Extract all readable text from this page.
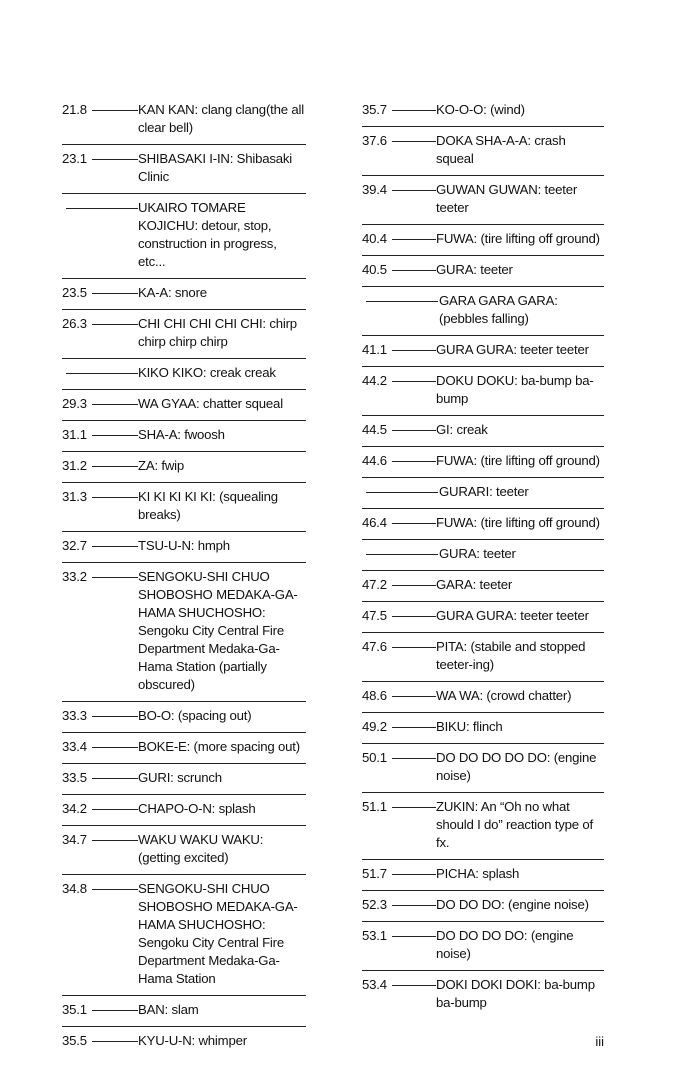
21.8	KAN KAN: clang clang(the all clear bell)
23.1	SHIBASAKI I-IN: Shibasaki Clinic
UKAIRO TOMARE KOJICHU: detour, stop, construction in progress, etc...
23.5	KA-A: snore
26.3	CHI CHI CHI CHI CHI: chirp chirp chirp chirp
KIKO KIKO: creak creak
29.3	WA GYAA: chatter squeal
31.1	SHA-A: fwoosh
31.2	ZA: fwip
31.3	KI KI KI KI KI: (squealing breaks)
32.7	TSU-U-N: hmph
33.2	SENGOKU-SHI CHUO SHOBOSHO MEDAKA-GA-HAMA SHUCHOSHO: Sengoku City Central Fire Department Medaka-Ga-Hama Station (partially obscured)
33.3	BO-O: (spacing out)
33.4	BOKE-E: (more spacing out)
33.5	GURI: scrunch
34.2	CHAPO-O-N: splash
34.7	WAKU WAKU WAKU: (getting excited)
34.8	SENGOKU-SHI CHUO SHOBOSHO MEDAKA-GA-HAMA SHUCHOSHO: Sengoku City Central Fire Department Medaka-Ga-Hama Station
35.1	BAN: slam
35.5	KYU-U-N: whimper
35.7	KO-O-O: (wind)
37.6	DOKA SHA-A-A: crash squeal
39.4	GUWAN GUWAN: teeter teeter
40.4	FUWA: (tire lifting off ground)
40.5	GURA: teeter
GARA GARA GARA: (pebbles falling)
41.1	GURA GURA: teeter teeter
44.2	DOKU DOKU: ba-bump ba-bump
44.5	GI: creak
44.6	FUWA: (tire lifting off ground)
GURARI: teeter
46.4	FUWA: (tire lifting off ground)
GURA: teeter
47.2	GARA: teeter
47.5	GURA GURA: teeter teeter
47.6	PITA: (stabile and stopped teeter-ing)
48.6	WA WA: (crowd chatter)
49.2	BIKU: flinch
50.1	DO DO DO DO DO: (engine noise)
51.1	ZUKIN: An “Oh no what should I do” reaction type of fx.
51.7	PICHA: splash
52.3	DO DO DO: (engine noise)
53.1	DO DO DO DO: (engine noise)
53.4	DOKI DOKI DOKI: ba-bump ba-bump
iii
